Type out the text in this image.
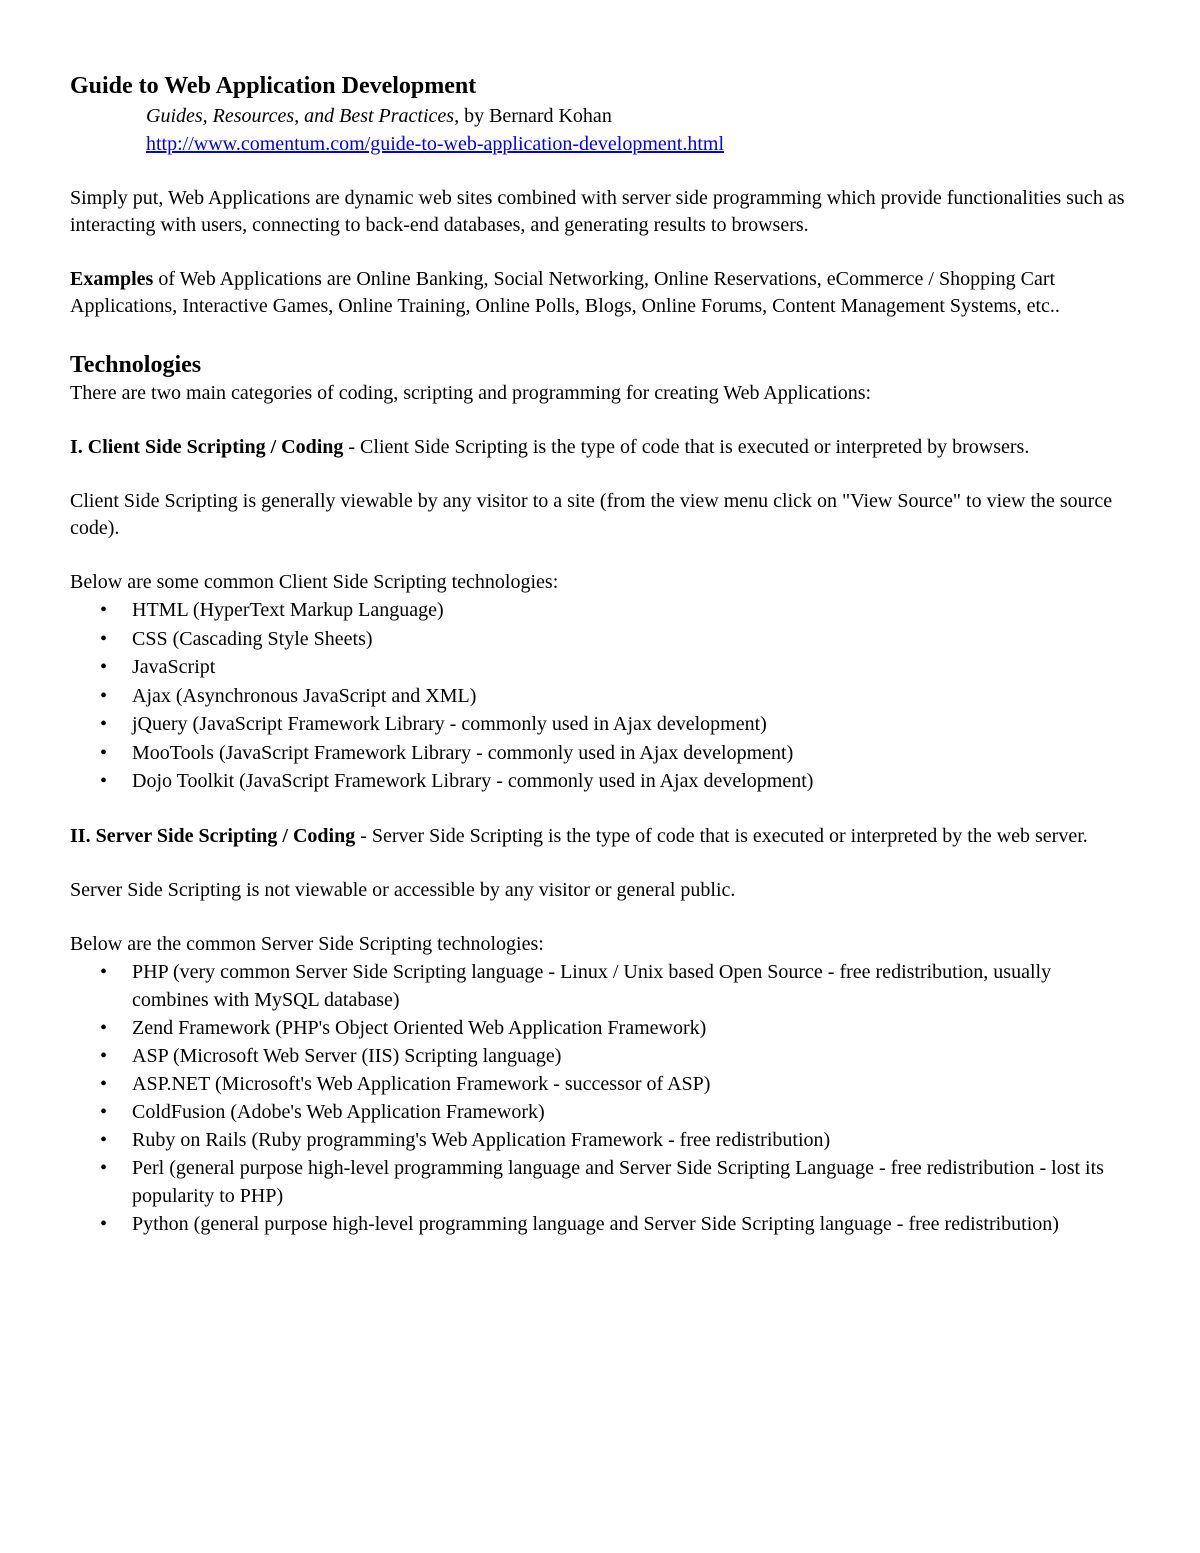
Guide to Web Application Development

Guides, Resources, and Best Practices, by Bernard Kohan

http://www.comentum.com/guide-to-web-application-development.html

Simply put, Web Applications are dynamic web sites combined with server side programming which provide functionalities such as interacting with users, connecting to back-end databases, and generating results to browsers.

Examples of Web Applications are Online Banking, Social Networking, Online Reservations, eCommerce / Shopping Cart Applications, Interactive Games, Online Training, Online Polls, Blogs, Online Forums, Content Management Systems, etc..

Technologies

There are two main categories of coding, scripting and programming for creating Web Applications:

I. Client Side Scripting / Coding - Client Side Scripting is the type of code that is executed or interpreted by browsers.

Client Side Scripting is generally viewable by any visitor to a site (from the view menu click on "View Source" to view the source code).

Below are some common Client Side Scripting technologies:

• HTML (HyperText Markup Language)
• CSS (Cascading Style Sheets)
• JavaScript
• Ajax (Asynchronous JavaScript and XML)
• jQuery (JavaScript Framework Library - commonly used in Ajax development)
• MooTools (JavaScript Framework Library - commonly used in Ajax development)
• Dojo Toolkit (JavaScript Framework Library - commonly used in Ajax development)

II. Server Side Scripting / Coding - Server Side Scripting is the type of code that is executed or interpreted by the web server.

Server Side Scripting is not viewable or accessible by any visitor or general public.

Below are the common Server Side Scripting technologies:

• PHP (very common Server Side Scripting language - Linux / Unix based Open Source - free redistribution, usually combines with MySQL database)
• Zend Framework (PHP's Object Oriented Web Application Framework)
• ASP (Microsoft Web Server (IIS) Scripting language)
• ASP.NET (Microsoft's Web Application Framework - successor of ASP)
• ColdFusion (Adobe's Web Application Framework)
• Ruby on Rails (Ruby programming's Web Application Framework - free redistribution)
• Perl (general purpose high-level programming language and Server Side Scripting Language - free redistribution - lost its popularity to PHP)
• Python (general purpose high-level programming language and Server Side Scripting language - free redistribution)
